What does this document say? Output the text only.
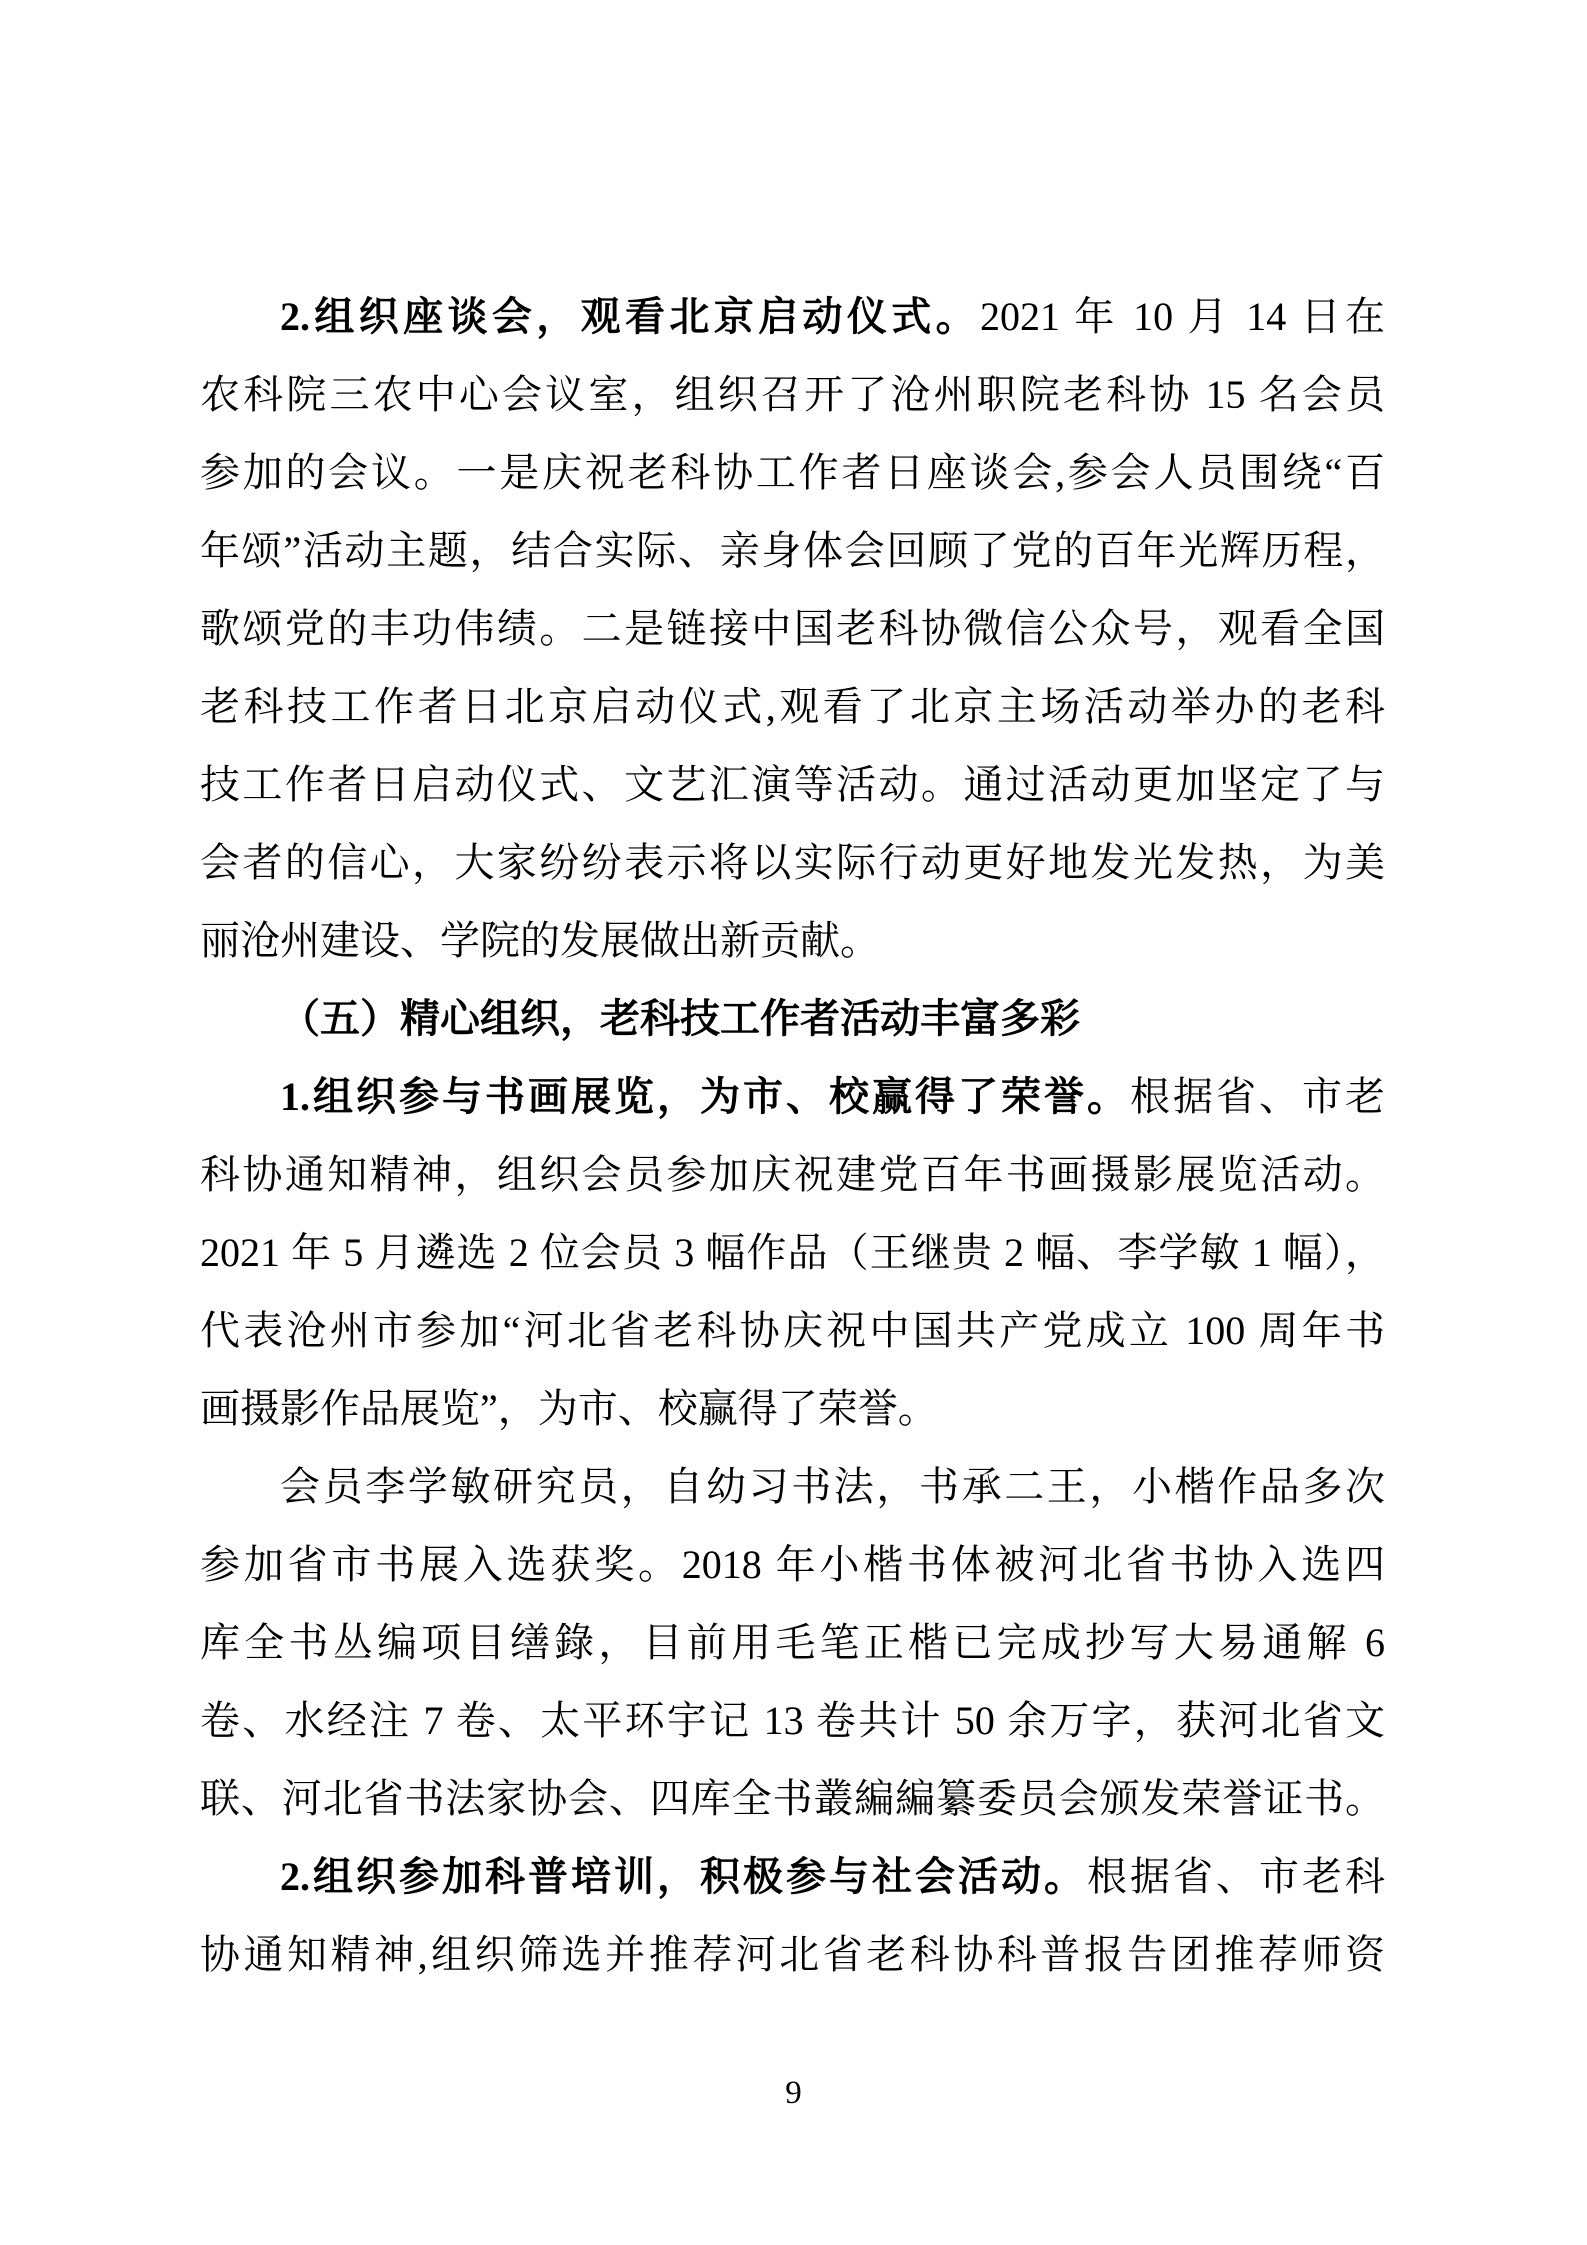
2.组织座谈会，观看北京启动仪式。2021 年 10 月 14 日在
农科院三农中心会议室，组织召开了沧州职院老科协 15 名会员
参加的会议。一是庆祝老科协工作者日座谈会,参会人员围绕“百
年颂”活动主题，结合实际、亲身体会回顾了党的百年光辉历程，
歌颂党的丰功伟绩。二是链接中国老科协微信公众号，观看全国
老科技工作者日北京启动仪式,观看了北京主场活动举办的老科
技工作者日启动仪式、文艺汇演等活动。通过活动更加坚定了与
会者的信心，大家纷纷表示将以实际行动更好地发光发热，为美
丽沧州建设、学院的发展做出新贡献。
（五）精心组织，老科技工作者活动丰富多彩
1.组织参与书画展览，为市、校赢得了荣誉。根据省、市老
科协通知精神，组织会员参加庆祝建党百年书画摄影展览活动。
2021 年 5 月遴选 2 位会员 3 幅作品（王继贵 2 幅、李学敏 1 幅），
代表沧州市参加“河北省老科协庆祝中国共产党成立 100 周年书
画摄影作品展览”，为市、校赢得了荣誉。
会员李学敏研究员，自幼习书法，书承二王，小楷作品多次
参加省市书展入选获奖。2018 年小楷书体被河北省书协入选四
库全书丛编项目缮錄，目前用毛笔正楷已完成抄写大易通解 6
卷、水经注 7 卷、太平环宇记 13 卷共计 50 余万字，获河北省文
联、河北省书法家协会、四库全书叢編編纂委员会颁发荣誉证书。
2.组织参加科普培训，积极参与社会活动。根据省、市老科
协通知精神,组织筛选并推荐河北省老科协科普报告团推荐师资
9
